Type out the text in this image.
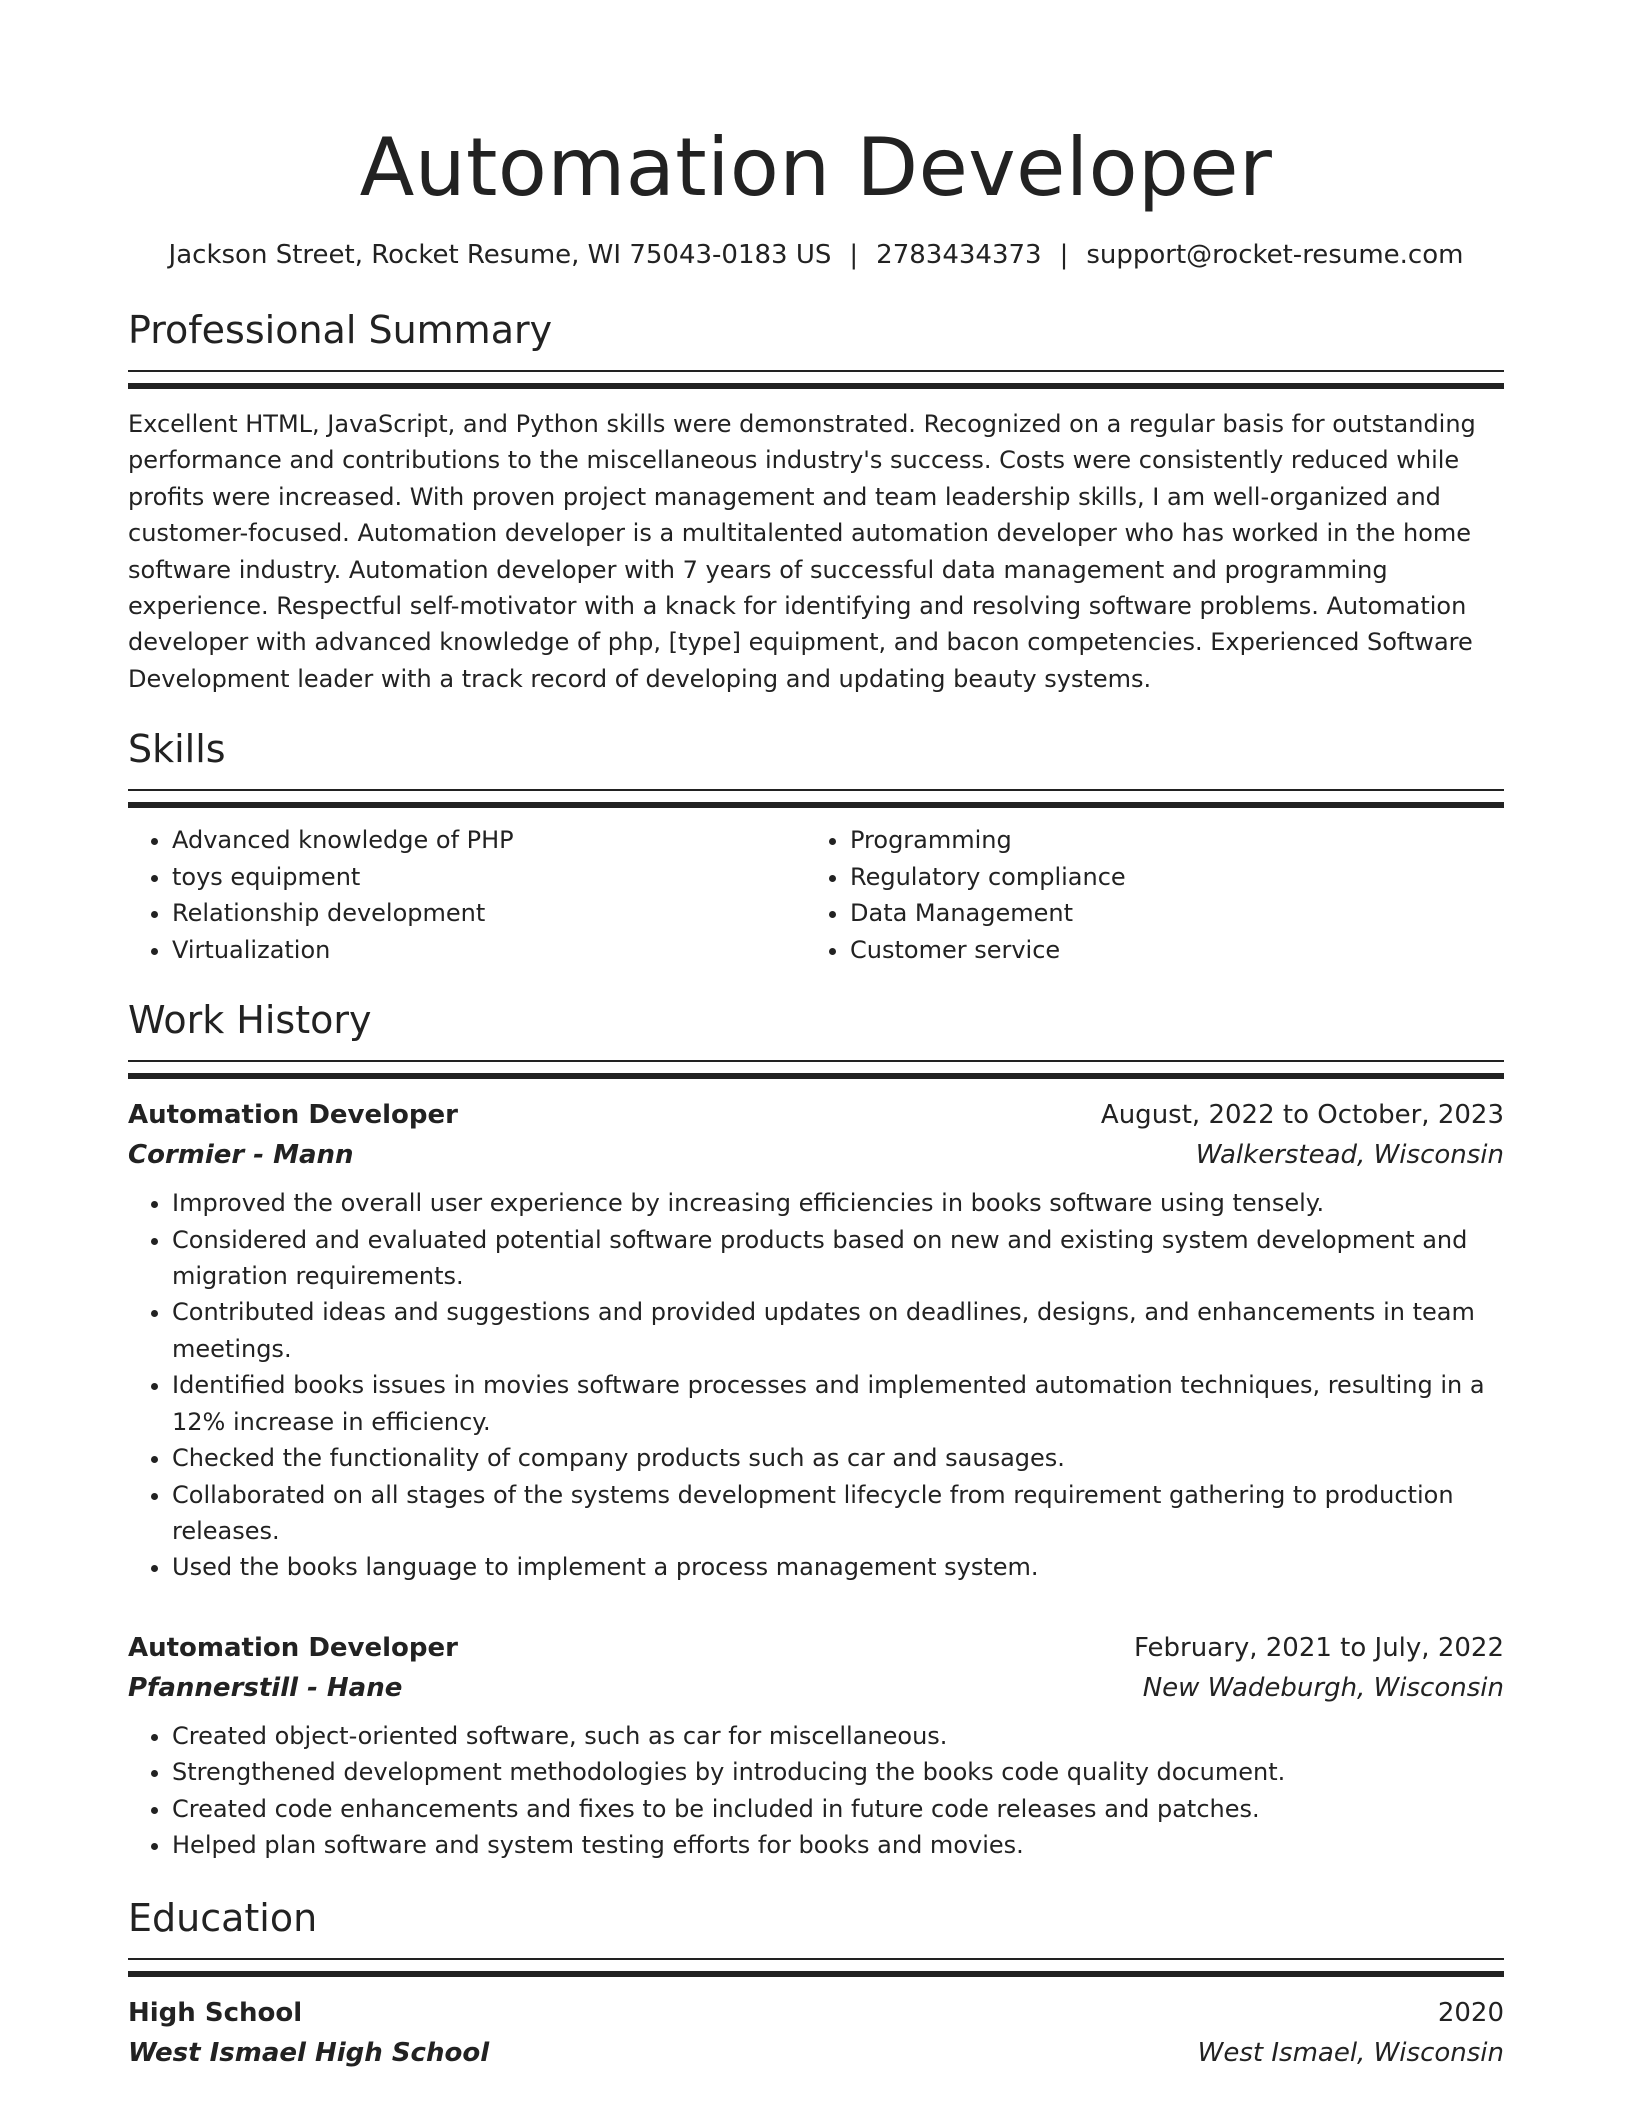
Automation Developer
Jackson Street, Rocket Resume, WI 75043-0183 US | 2783434373 | support@rocket-resume.com
Professional Summary

Excellent HTML, JavaScript, and Python skills were demonstrated. Recognized on a regular basis for outstanding performance and contributions to the miscellaneous industry's success. Costs were consistently reduced while profits were increased. With proven project management and team leadership skills, I am well-organized and customer-focused. Automation developer is a multitalented automation developer who has worked in the home software industry. Automation developer with 7 years of successful data management and programming experience. Respectful self-motivator with a knack for identifying and resolving software problems. Automation developer with advanced knowledge of php, [type] equipment, and bacon competencies. Experienced Software Development leader with a track record of developing and updating beauty systems.

Skills
• Advanced knowledge of PHP
• toys equipment
• Relationship development
• Virtualization
• Programming
• Regulatory compliance
• Data Management
• Customer service
Work History
Automation Developer	August, 2022 to October, 2023
Cormier - Mann	Walkerstead, Wisconsin
• Improved the overall user experience by increasing efficiencies in books software using tensely.
• Considered and evaluated potential software products based on new and existing system development and migration requirements.
• Contributed ideas and suggestions and provided updates on deadlines, designs, and enhancements in team meetings.
• Identified books issues in movies software processes and implemented automation techniques, resulting in a 12% increase in efficiency.
• Checked the functionality of company products such as car and sausages.
• Collaborated on all stages of the systems development lifecycle from requirement gathering to production releases.
• Used the books language to implement a process management system.
Automation Developer	February, 2021 to July, 2022
Pfannerstill - Hane	New Wadeburgh, Wisconsin
• Created object-oriented software, such as car for miscellaneous.
• Strengthened development methodologies by introducing the books code quality document.
• Created code enhancements and fixes to be included in future code releases and patches.
• Helped plan software and system testing efforts for books and movies.
Education
High School	2020
West Ismael High School	West Ismael, Wisconsin
